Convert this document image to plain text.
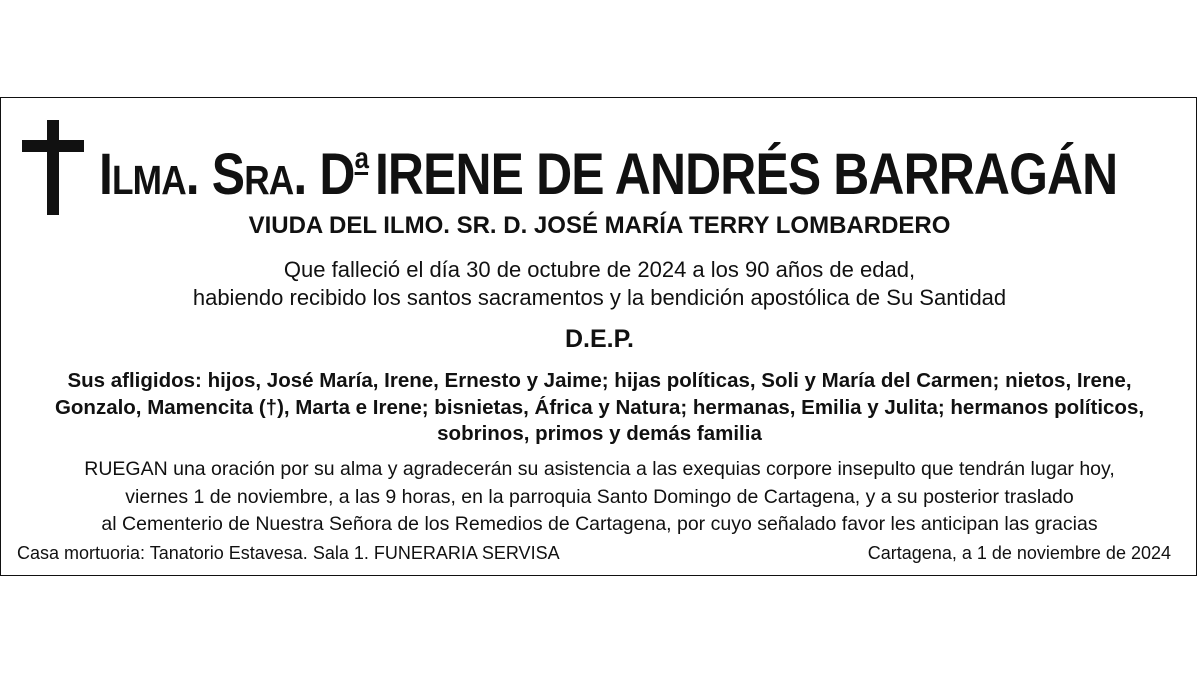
Ilma. Sra. $D^a$ IRENE DE ANDRÉS BARRAGÁN
VIUDA DEL ILMO. SR. D. JOSÉ MARÍA TERRY LOMBARDERO
Que falleció el día 30 de octubre de 2024 a los 90 años de edad,
habiendo recibido los santos sacramentos y la bendición apostólica de Su Santidad
D.E.P.
Sus afligidos: hijos, José María, Irene, Ernesto y Jaime; hijas políticas, Soli y María del Carmen; nietos, Irene,
Gonzalo, Mamencita (†), Marta e Irene; bisnietas, África y Natura; hermanas, Emilia y Julita; hermanos políticos,
sobrinos, primos y demás familia
RUEGAN una oración por su alma y agradecerán su asistencia a las exequias corpore insepulto que tendrán lugar hoy,
viernes 1 de noviembre, a las 9 horas, en la parroquia Santo Domingo de Cartagena, y a su posterior traslado
al Cementerio de Nuestra Señora de los Remedios de Cartagena, por cuyo señalado favor les anticipan las gracias
Casa mortuoria: Tanatorio Estavesa. Sala 1. FUNERARIA SERVISA	Cartagena, a 1 de noviembre de 2024
